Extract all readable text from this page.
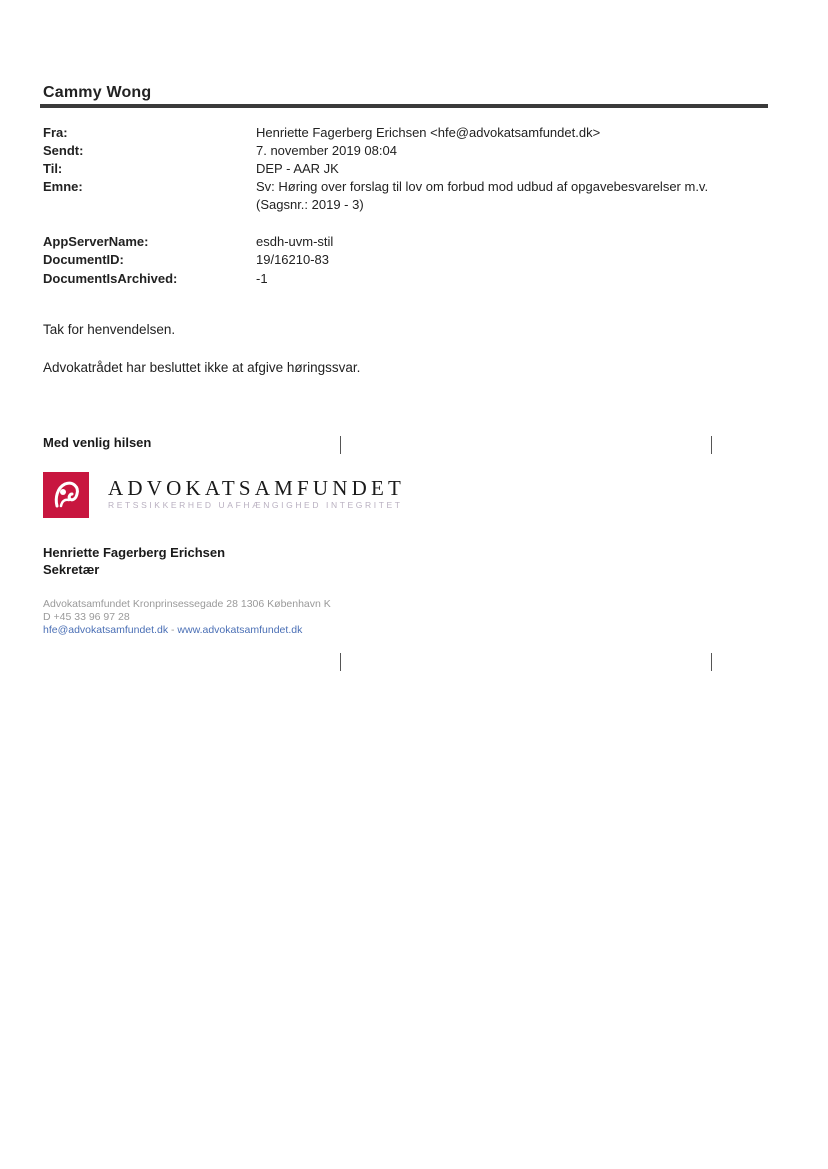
Cammy Wong
Fra:	Henriette Fagerberg Erichsen <hfe@advokatsamfundet.dk>
Sendt:	7. november 2019 08:04
Til:	DEP - AAR JK
Emne:	Sv: Høring over forslag til lov om forbud mod udbud af opgavebesvarelser m.v. (Sagsnr.: 2019 - 3)
AppServerName:	esdh-uvm-stil
DocumentID:	19/16210-83
DocumentIsArchived:	-1
Tak for henvendelsen.
Advokatrådet har besluttet ikke at afgive høringssvar.
Med venlig hilsen
ADVOKATSAMFUNDET
RETSSIKKERHED UAFHÆNGIGHED INTEGRITET
Henriette Fagerberg Erichsen
Sekretær
Advokatsamfundet Kronprinsessegade 28 1306 København K
D +45 33 96 97 28
hfe@advokatsamfundet.dk - www.advokatsamfundet.dk
